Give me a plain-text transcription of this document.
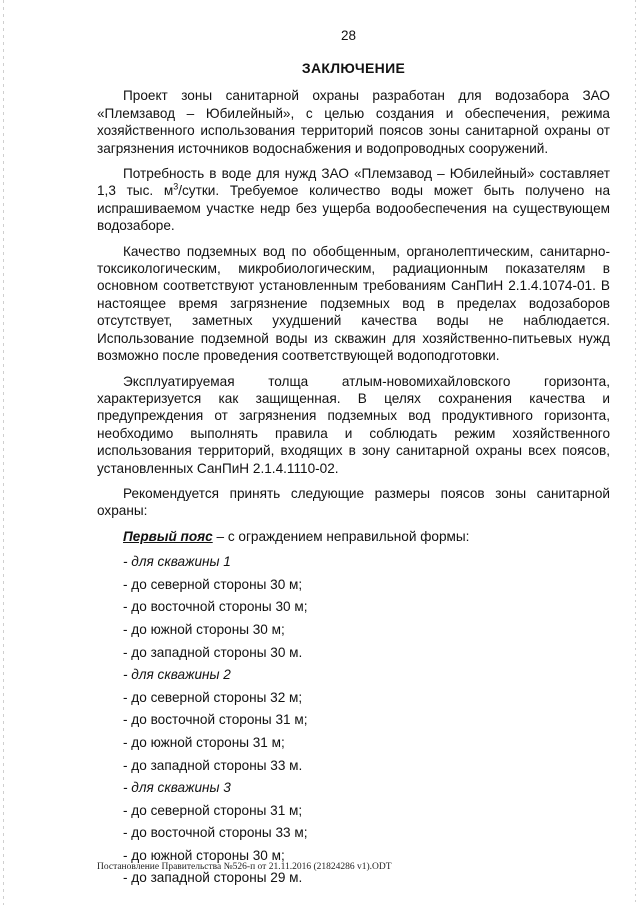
28
ЗАКЛЮЧЕНИЕ

Проект зоны санитарной охраны разработан для водозабора ЗАО «Племзавод – Юбилейный», с целью создания и обеспечения, режима хозяйственного использования территорий поясов зоны санитарной охраны от загрязнения источников водоснабжения и водопроводных сооружений.

Потребность в воде для нужд ЗАО «Племзавод – Юбилейный» составляет 1,3 тыс. $м^3$/сутки. Требуемое количество воды может быть получено на испрашиваемом участке недр без ущерба водообеспечения на существующем водозаборе.

Качество подземных вод по обобщенным, органолептическим, санитарно-токсикологическим, микробиологическим, радиационным показателям в основном соответствуют установленным требованиям СанПиН 2.1.4.1074-01. В настоящее время загрязнение подземных вод в пределах водозаборов отсутствует, заметных ухудшений качества воды не наблюдается. Использование подземной воды из скважин для хозяйственно-питьевых нужд возможно после проведения соответствующей водоподготовки.

Эксплуатируемая толща атлым-новомихайловского горизонта, характеризуется как защищенная. В целях сохранения качества и предупреждения от загрязнения подземных вод продуктивного горизонта, необходимо выполнять правила и соблюдать режим хозяйственного использования территорий, входящих в зону санитарной охраны всех поясов, установленных СанПиН 2.1.4.1110-02.

Рекомендуется принять следующие размеры поясов зоны санитарной охраны:

Первый пояс – с ограждением неправильной формы:
- для скважины 1
- до северной стороны 30 м;
- до восточной стороны 30 м;
- до южной стороны 30 м;
- до западной стороны 30 м.
- для скважины 2
- до северной стороны 32 м;
- до восточной стороны 31 м;
- до южной стороны 31 м;
- до западной стороны 33 м.
- для скважины 3
- до северной стороны 31 м;
- до восточной стороны 33 м;
- до южной стороны 30 м;
- до западной стороны 29 м.
Постановление Правительства №526-п от 21.11.2016 (21824286 v1).ODT
